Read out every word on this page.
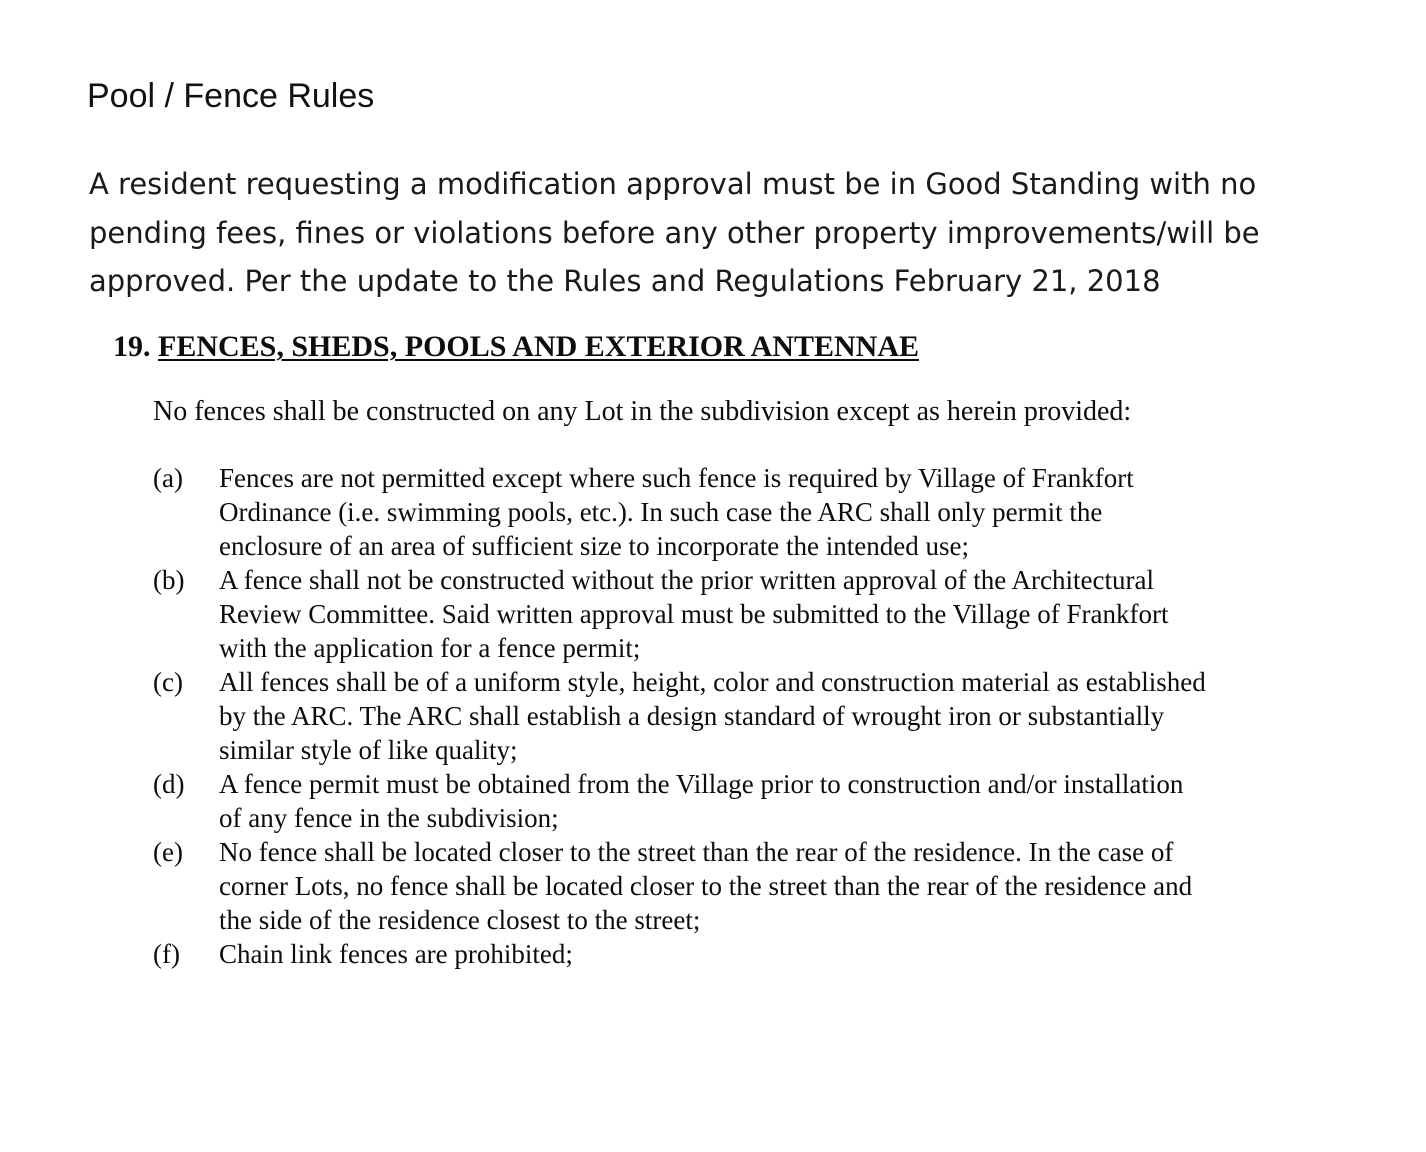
Pool / Fence Rules
A resident requesting a modification approval must be in Good Standing with no
pending fees, fines or violations before any other property improvements/will be
approved. Per the update to the Rules and Regulations February 21, 2018
19. FENCES, SHEDS, POOLS AND EXTERIOR ANTENNAE
No fences shall be constructed on any Lot in the subdivision except as herein provided:
(a)	Fences are not permitted except where such fence is required by Village of Frankfort
Ordinance (i.e. swimming pools, etc.). In such case the ARC shall only permit the
enclosure of an area of sufficient size to incorporate the intended use;
(b)	A fence shall not be constructed without the prior written approval of the Architectural
Review Committee. Said written approval must be submitted to the Village of Frankfort
with the application for a fence permit;
(c)	All fences shall be of a uniform style, height, color and construction material as established
by the ARC. The ARC shall establish a design standard of wrought iron or substantially
similar style of like quality;
(d)	A fence permit must be obtained from the Village prior to construction and/or installation
of any fence in the subdivision;
(e)	No fence shall be located closer to the street than the rear of the residence. In the case of
corner Lots, no fence shall be located closer to the street than the rear of the residence and
the side of the residence closest to the street;
(f)	Chain link fences are prohibited;
